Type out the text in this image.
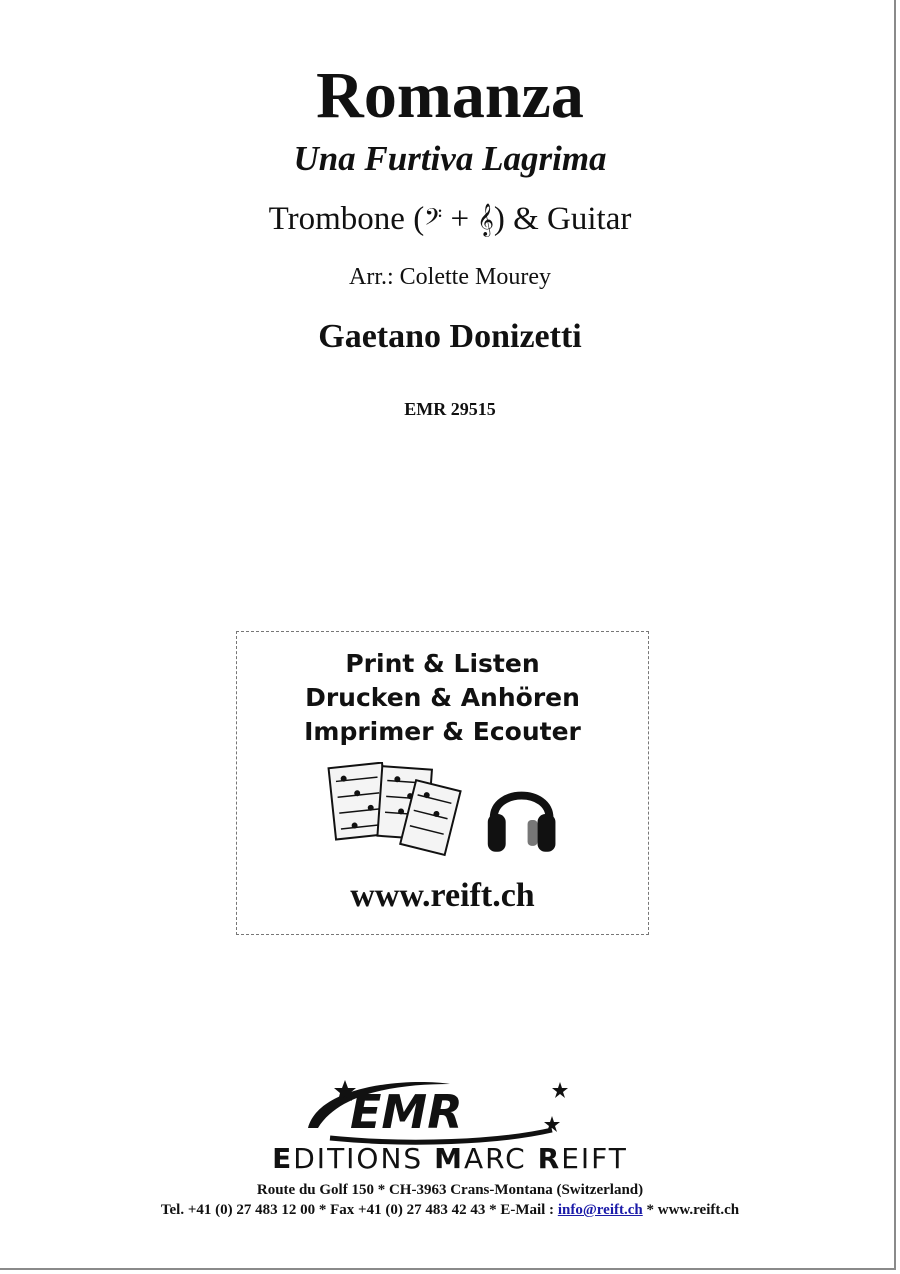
Romanza
Una Furtiva Lagrima
Trombone (𝄢 + 𝄞) & Guitar
Arr.: Colette Mourey
Gaetano Donizetti
EMR 29515
Print & Listen
Drucken & Anhören
Imprimer & Ecouter
www.reift.ch
EMR
EDITIONS MARC REIFT
Route du Golf 150 * CH-3963 Crans-Montana (Switzerland)
Tel. +41 (0) 27 483 12 00 * Fax +41 (0) 27 483 42 43 * E-Mail : info@reift.ch * www.reift.ch
